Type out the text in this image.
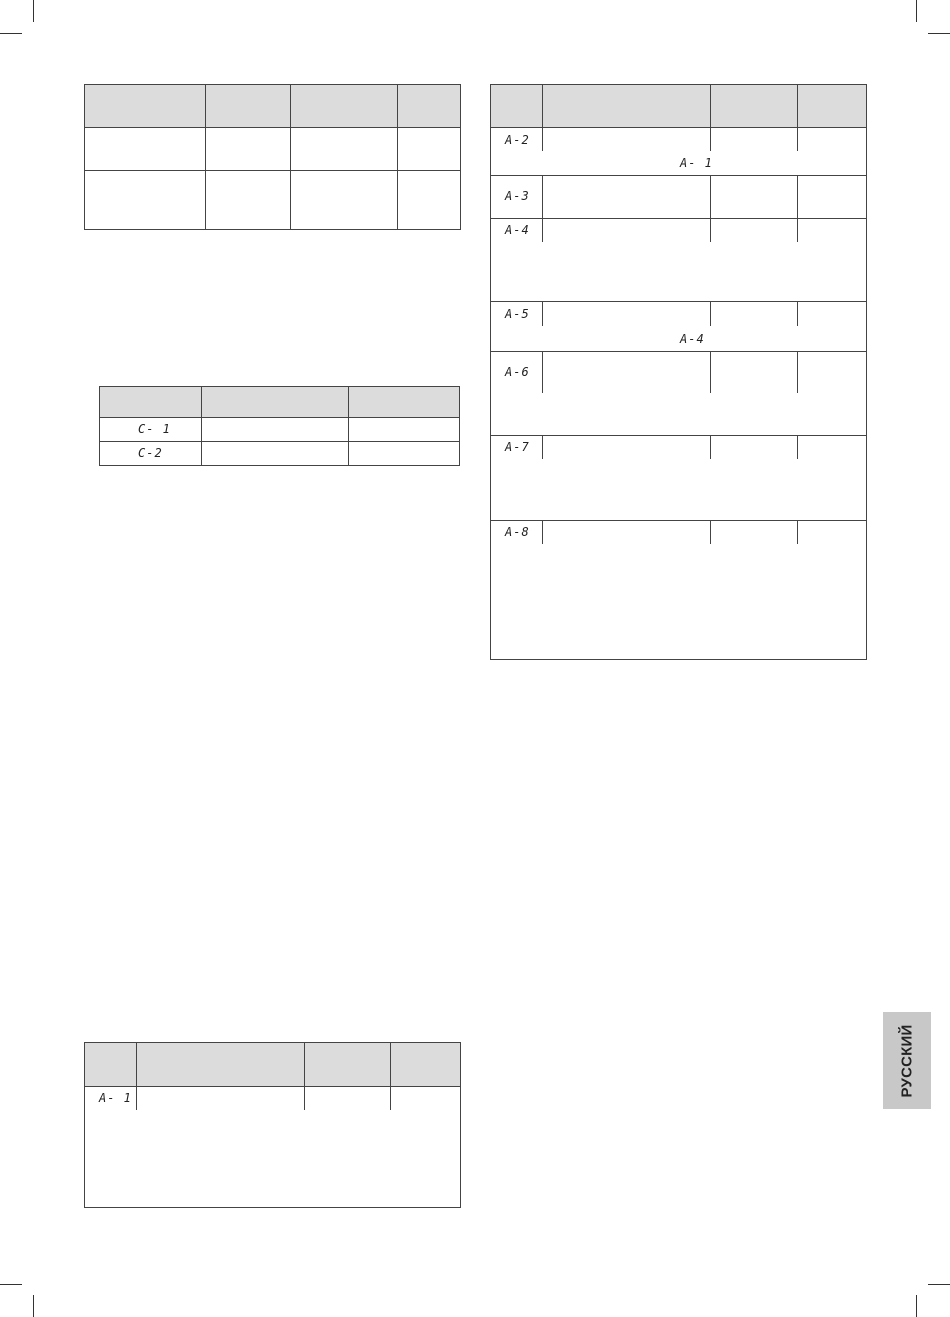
C- 1
C-2
A- 1
A-2
A- 1
A-3
A-4
A-5
A-4
A-6
A-7
A-8
РУССКИЙ
